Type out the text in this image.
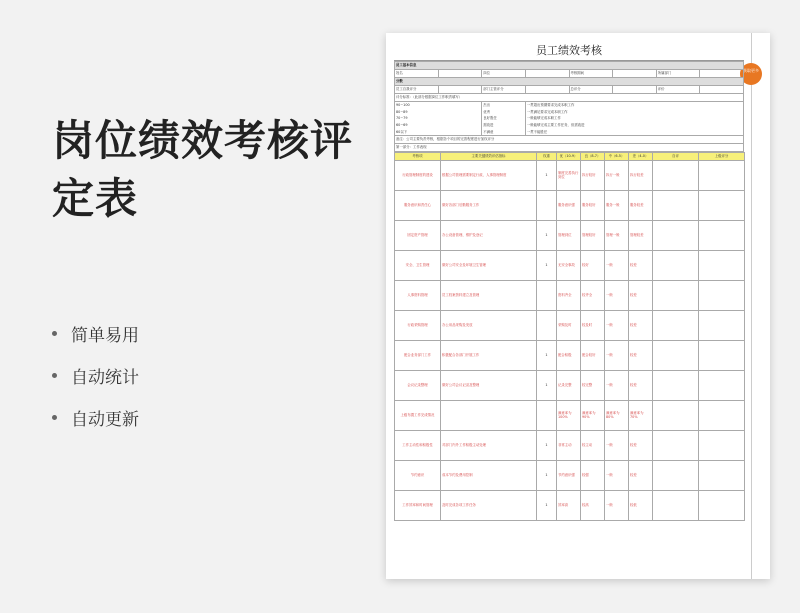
岗位绩效考核评定表
简单易用
自动统计
自动更新
获取更多
员工绩效考核
员工基本信息							
姓名		岗位		考核期间		所属部门	
分数							
员工自我评分		部门主管评分		总评分		评价	
评分标准：（此部分根据岗位工作职责填写）							
90~100		杰出	一贯超出预期要求完成本职工作				
80~89		优秀	一贯满足要求完成本职工作				
70~79		良好胜任	一般能够完成本职工作				
60~69		需改进	一般能够完成主要工作任务，但需改进				
60以下		不满意	一贯不能胜任				
备注：公司主要负责考核，根据各个项目的完善程度进行加权评分							
第一部分：工作表现							
考核项	主要关键绩效评估指标	权重	优（10-9）	良（8-7）	中（6-5）	差（4-0）	自评	上级评分
行政管理制度的建设	根据公司管理需要制定行政、人事管理制度	1	制度完善执行到位	执行较好	执行一般	执行较差		
服务意识和责任心	做好各部门后勤服务工作		服务意识强	服务较好	服务一般	服务较差		
固定资产管理	办公设备管理、维护及登记	1	管理到位	管理较好	管理一般	管理较差		
安全、卫生管理	做好公司安全及环境卫生管理	1	无安全事故	较好	一般	较差		
人事资料管理	员工档案资料建立及管理		资料齐全	较齐全	一般	较差		
行政采购管理	办公用品采购及发放		采购及时	较及时	一般	较差		
配合业务部门工作	积极配合各部门开展工作	1	配合积极	配合较好	一般	较差		
会议记录整理	做好公司会议记录及整理	1	记录完整	较完整	一般	较差		
上级布置工作完成情况			满意率为100%	满意率为90%	满意率为80%	满意率为70%		
工作主动性和积极性	对部门内外工作积极主动处理	1	非常主动	较主动	一般	较差		
节约意识	成本节约及费用控制	1	节约意识强	较强	一般	较差		
工作效率和时间管理	及时完成各项工作任务	1	效率高	较高	一般	较低		
